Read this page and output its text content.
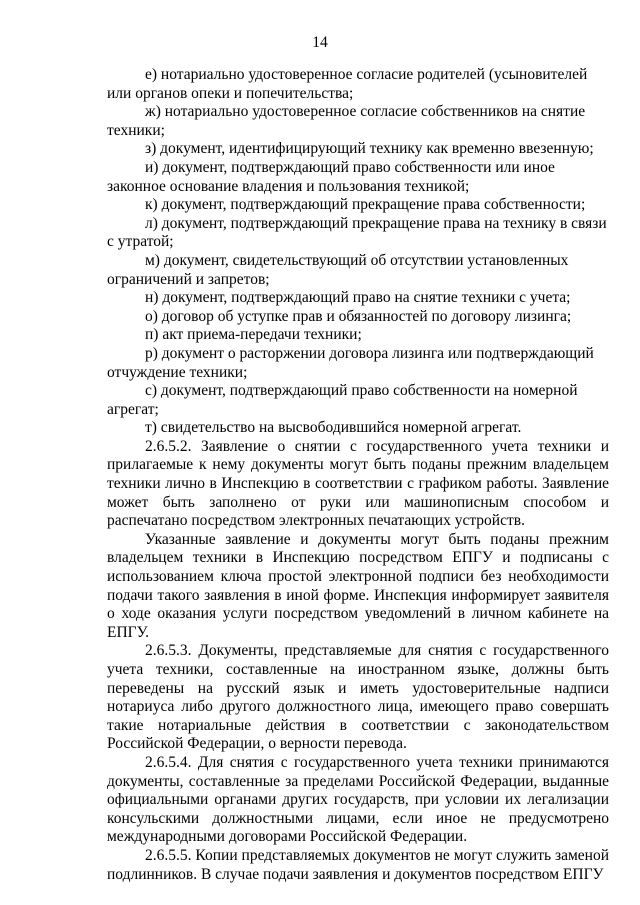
14

е) нотариально удостоверенное согласие родителей (усыновителей или органов опеки и попечительства;

ж) нотариально удостоверенное согласие собственников на снятие техники;

з) документ, идентифицирующий технику как временно ввезенную;

и) документ, подтверждающий право собственности или иное законное основание владения и пользования техникой;

к) документ, подтверждающий прекращение права собственности;

л) документ, подтверждающий прекращение права на технику в связи с утратой;

м) документ, свидетельствующий об отсутствии установленных ограничений и запретов;

н) документ, подтверждающий право на снятие техники с учета;

о) договор об уступке прав и обязанностей по договору лизинга;

п) акт приема-передачи техники;

р) документ о расторжении договора лизинга или подтверждающий отчуждение техники;

с) документ, подтверждающий право собственности на номерной агрегат;

т) свидетельство на высвободившийся номерной агрегат.

2.6.5.2. Заявление о снятии с государственного учета техники и прилагаемые к нему документы могут быть поданы прежним владельцем техники лично в Инспекцию в соответствии с графиком работы. Заявление может быть заполнено от руки или машинописным способом и распечатано посредством электронных печатающих устройств.

Указанные заявление и документы могут быть поданы прежним владельцем техники в Инспекцию посредством ЕПГУ и подписаны с использованием ключа простой электронной подписи без необходимости подачи такого заявления в иной форме. Инспекция информирует заявителя о ходе оказания услуги посредством уведомлений в личном кабинете на ЕПГУ.

2.6.5.3. Документы, представляемые для снятия с государственного учета техники, составленные на иностранном языке, должны быть переведены на русский язык и иметь удостоверительные надписи нотариуса либо другого должностного лица, имеющего право совершать такие нотариальные действия в соответствии с законодательством Российской Федерации, о верности перевода.

2.6.5.4. Для снятия с государственного учета техники принимаются документы, составленные за пределами Российской Федерации, выданные официальными органами других государств, при условии их легализации консульскими должностными лицами, если иное не предусмотрено международными договорами Российской Федерации.

2.6.5.5. Копии представляемых документов не могут служить заменой подлинников. В случае подачи заявления и документов посредством ЕПГУ
